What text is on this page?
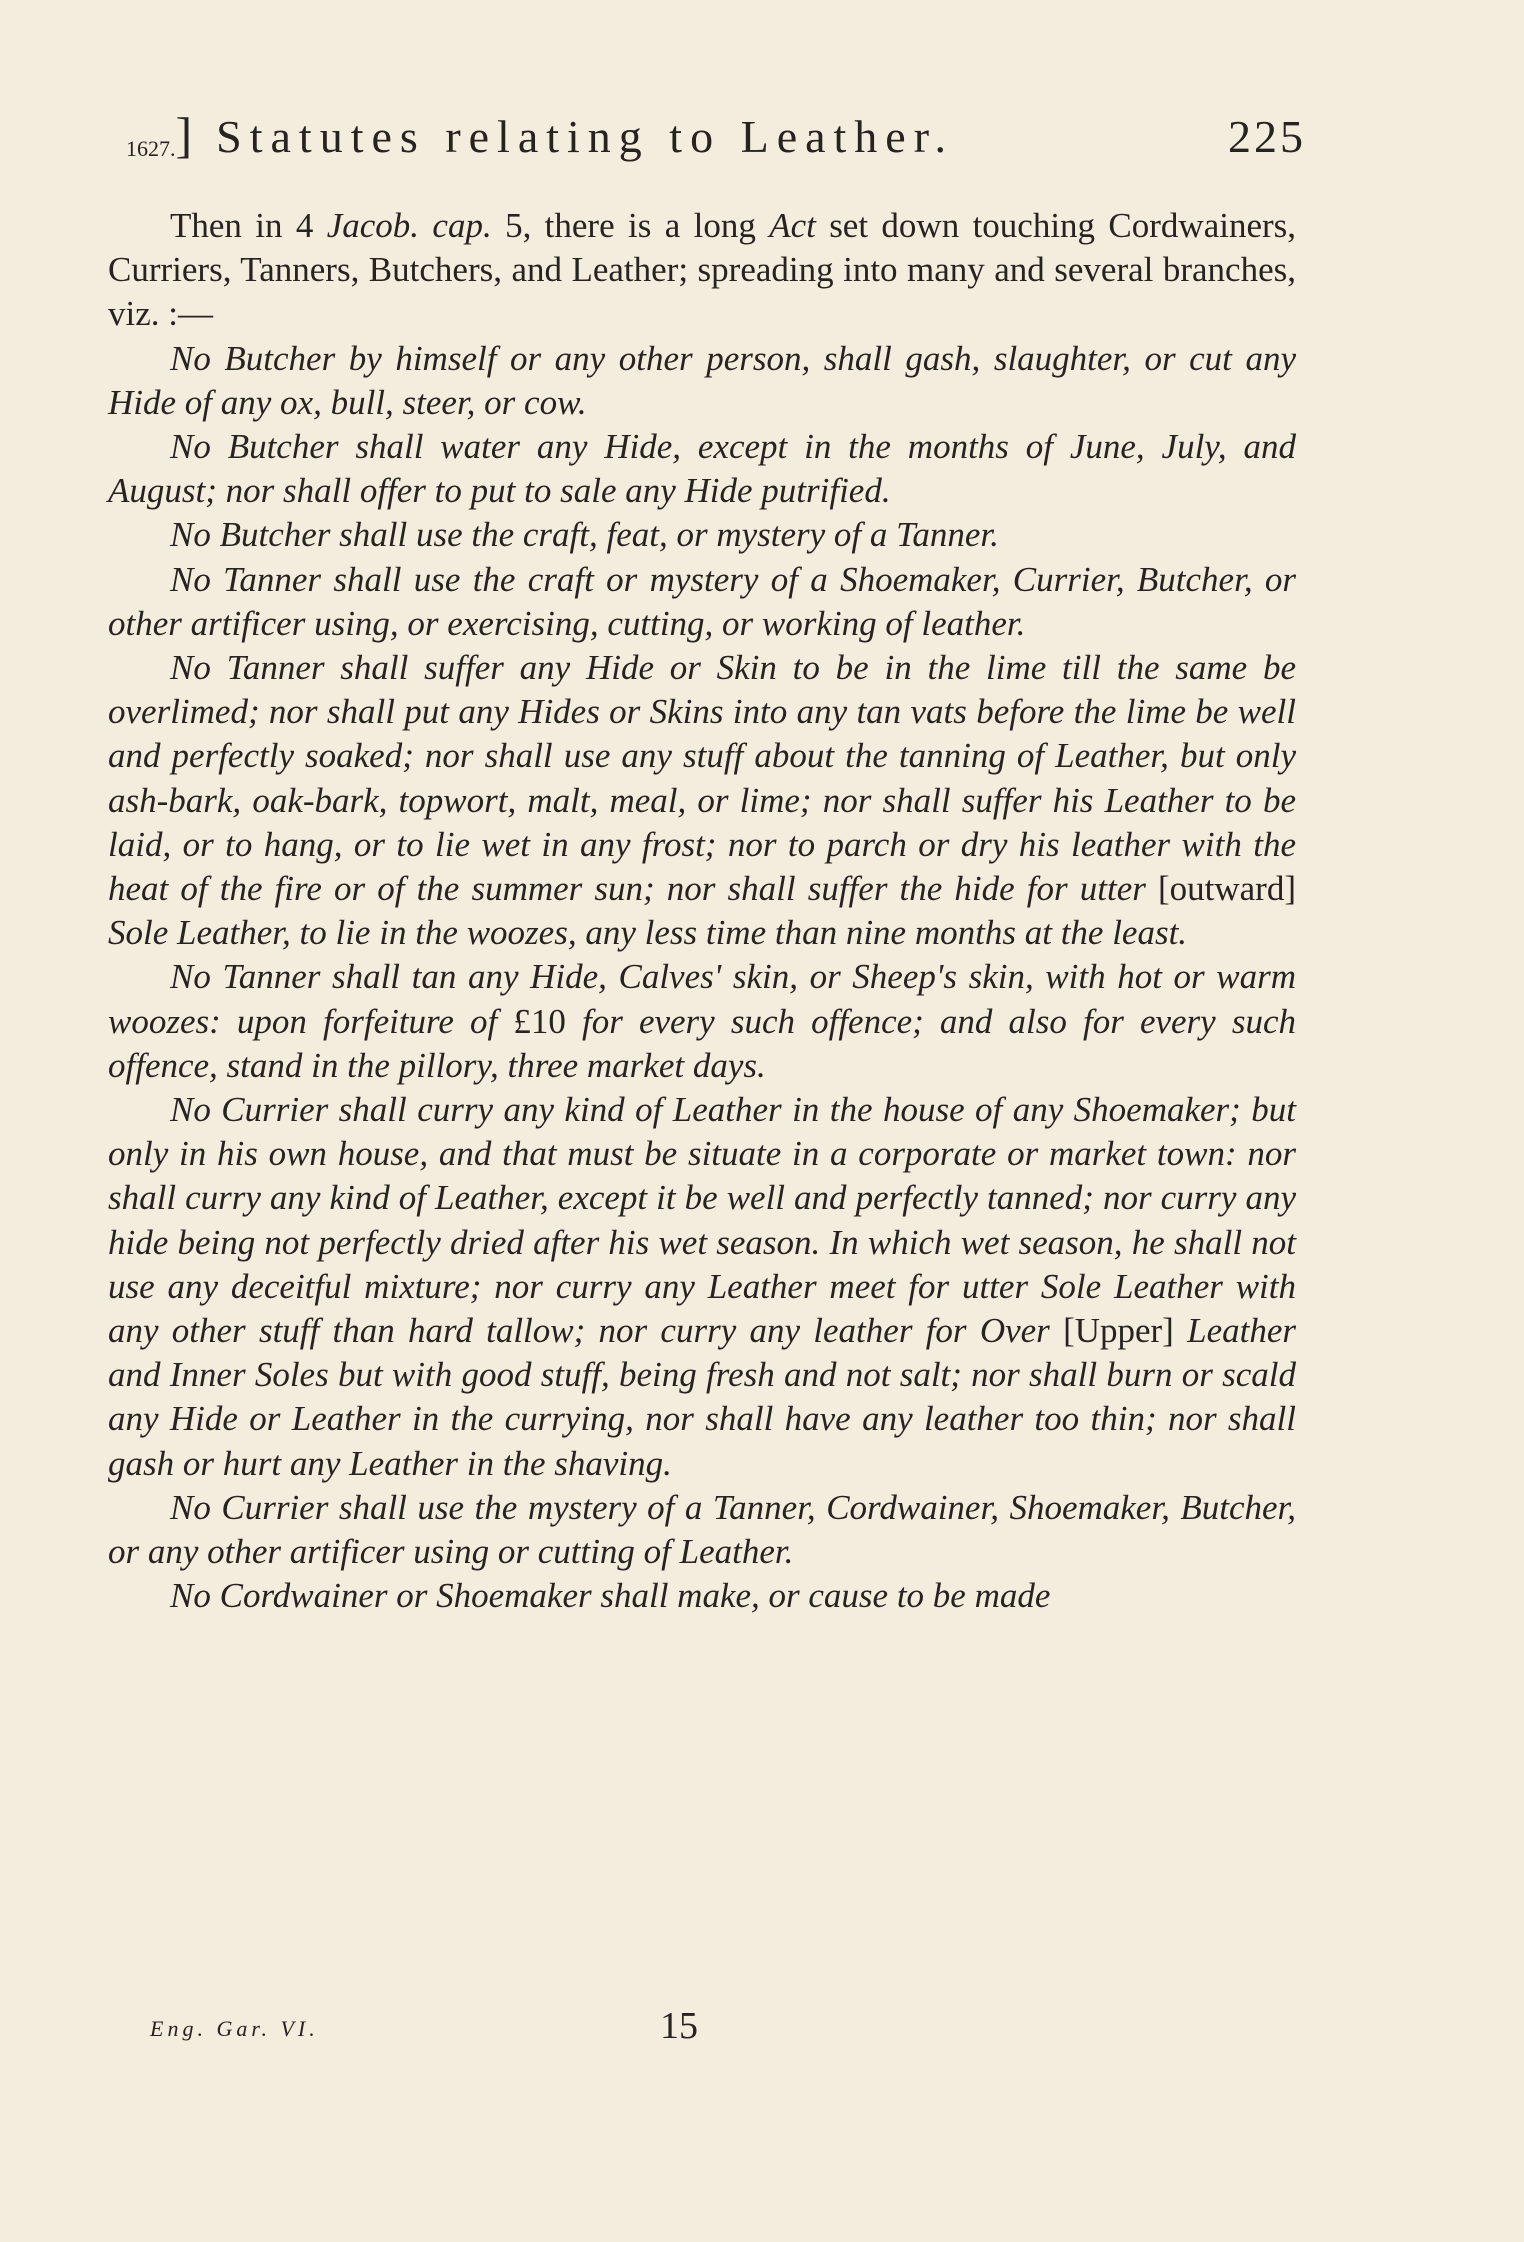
1627. ] Statutes relating to Leather.	225

Then in 4 Jacob. cap. 5, there is a long Act set down touching Cordwainers, Curriers, Tanners, Butchers, and Leather; spreading into many and several branches, viz. :—

No Butcher by himself or any other person, shall gash, slaughter, or cut any Hide of any ox, bull, steer, or cow.

No Butcher shall water any Hide, except in the months of June, July, and August; nor shall offer to put to sale any Hide putrified.

No Butcher shall use the craft, feat, or mystery of a Tanner.

No Tanner shall use the craft or mystery of a Shoemaker, Currier, Butcher, or other artificer using, or exercising, cutting, or working of leather.

No Tanner shall suffer any Hide or Skin to be in the lime till the same be overlimed; nor shall put any Hides or Skins into any tan vats before the lime be well and perfectly soaked; nor shall use any stuff about the tanning of Leather, but only ash-bark, oak-bark, topwort, malt, meal, or lime; nor shall suffer his Leather to be laid, or to hang, or to lie wet in any frost; nor to parch or dry his leather with the heat of the fire or of the summer sun; nor shall suffer the hide for utter [outward] Sole Leather, to lie in the woozes, any less time than nine months at the least.

No Tanner shall tan any Hide, Calves' skin, or Sheep's skin, with hot or warm woozes: upon forfeiture of £10 for every such offence; and also for every such offence, stand in the pillory, three market days.

No Currier shall curry any kind of Leather in the house of any Shoemaker; but only in his own house, and that must be situate in a corporate or market town: nor shall curry any kind of Leather, except it be well and perfectly tanned; nor curry any hide being not perfectly dried after his wet season. In which wet season, he shall not use any deceitful mixture; nor curry any Leather meet for utter Sole Leather with any other stuff than hard tallow; nor curry any leather for Over [Upper] Leather and Inner Soles but with good stuff, being fresh and not salt; nor shall burn or scald any Hide or Leather in the currying, nor shall have any leather too thin; nor shall gash or hurt any Leather in the shaving.

No Currier shall use the mystery of a Tanner, Cordwainer, Shoemaker, Butcher, or any other artificer using or cutting of Leather.

No Cordwainer or Shoemaker shall make, or cause to be made

Eng. Gar. VI.	15
